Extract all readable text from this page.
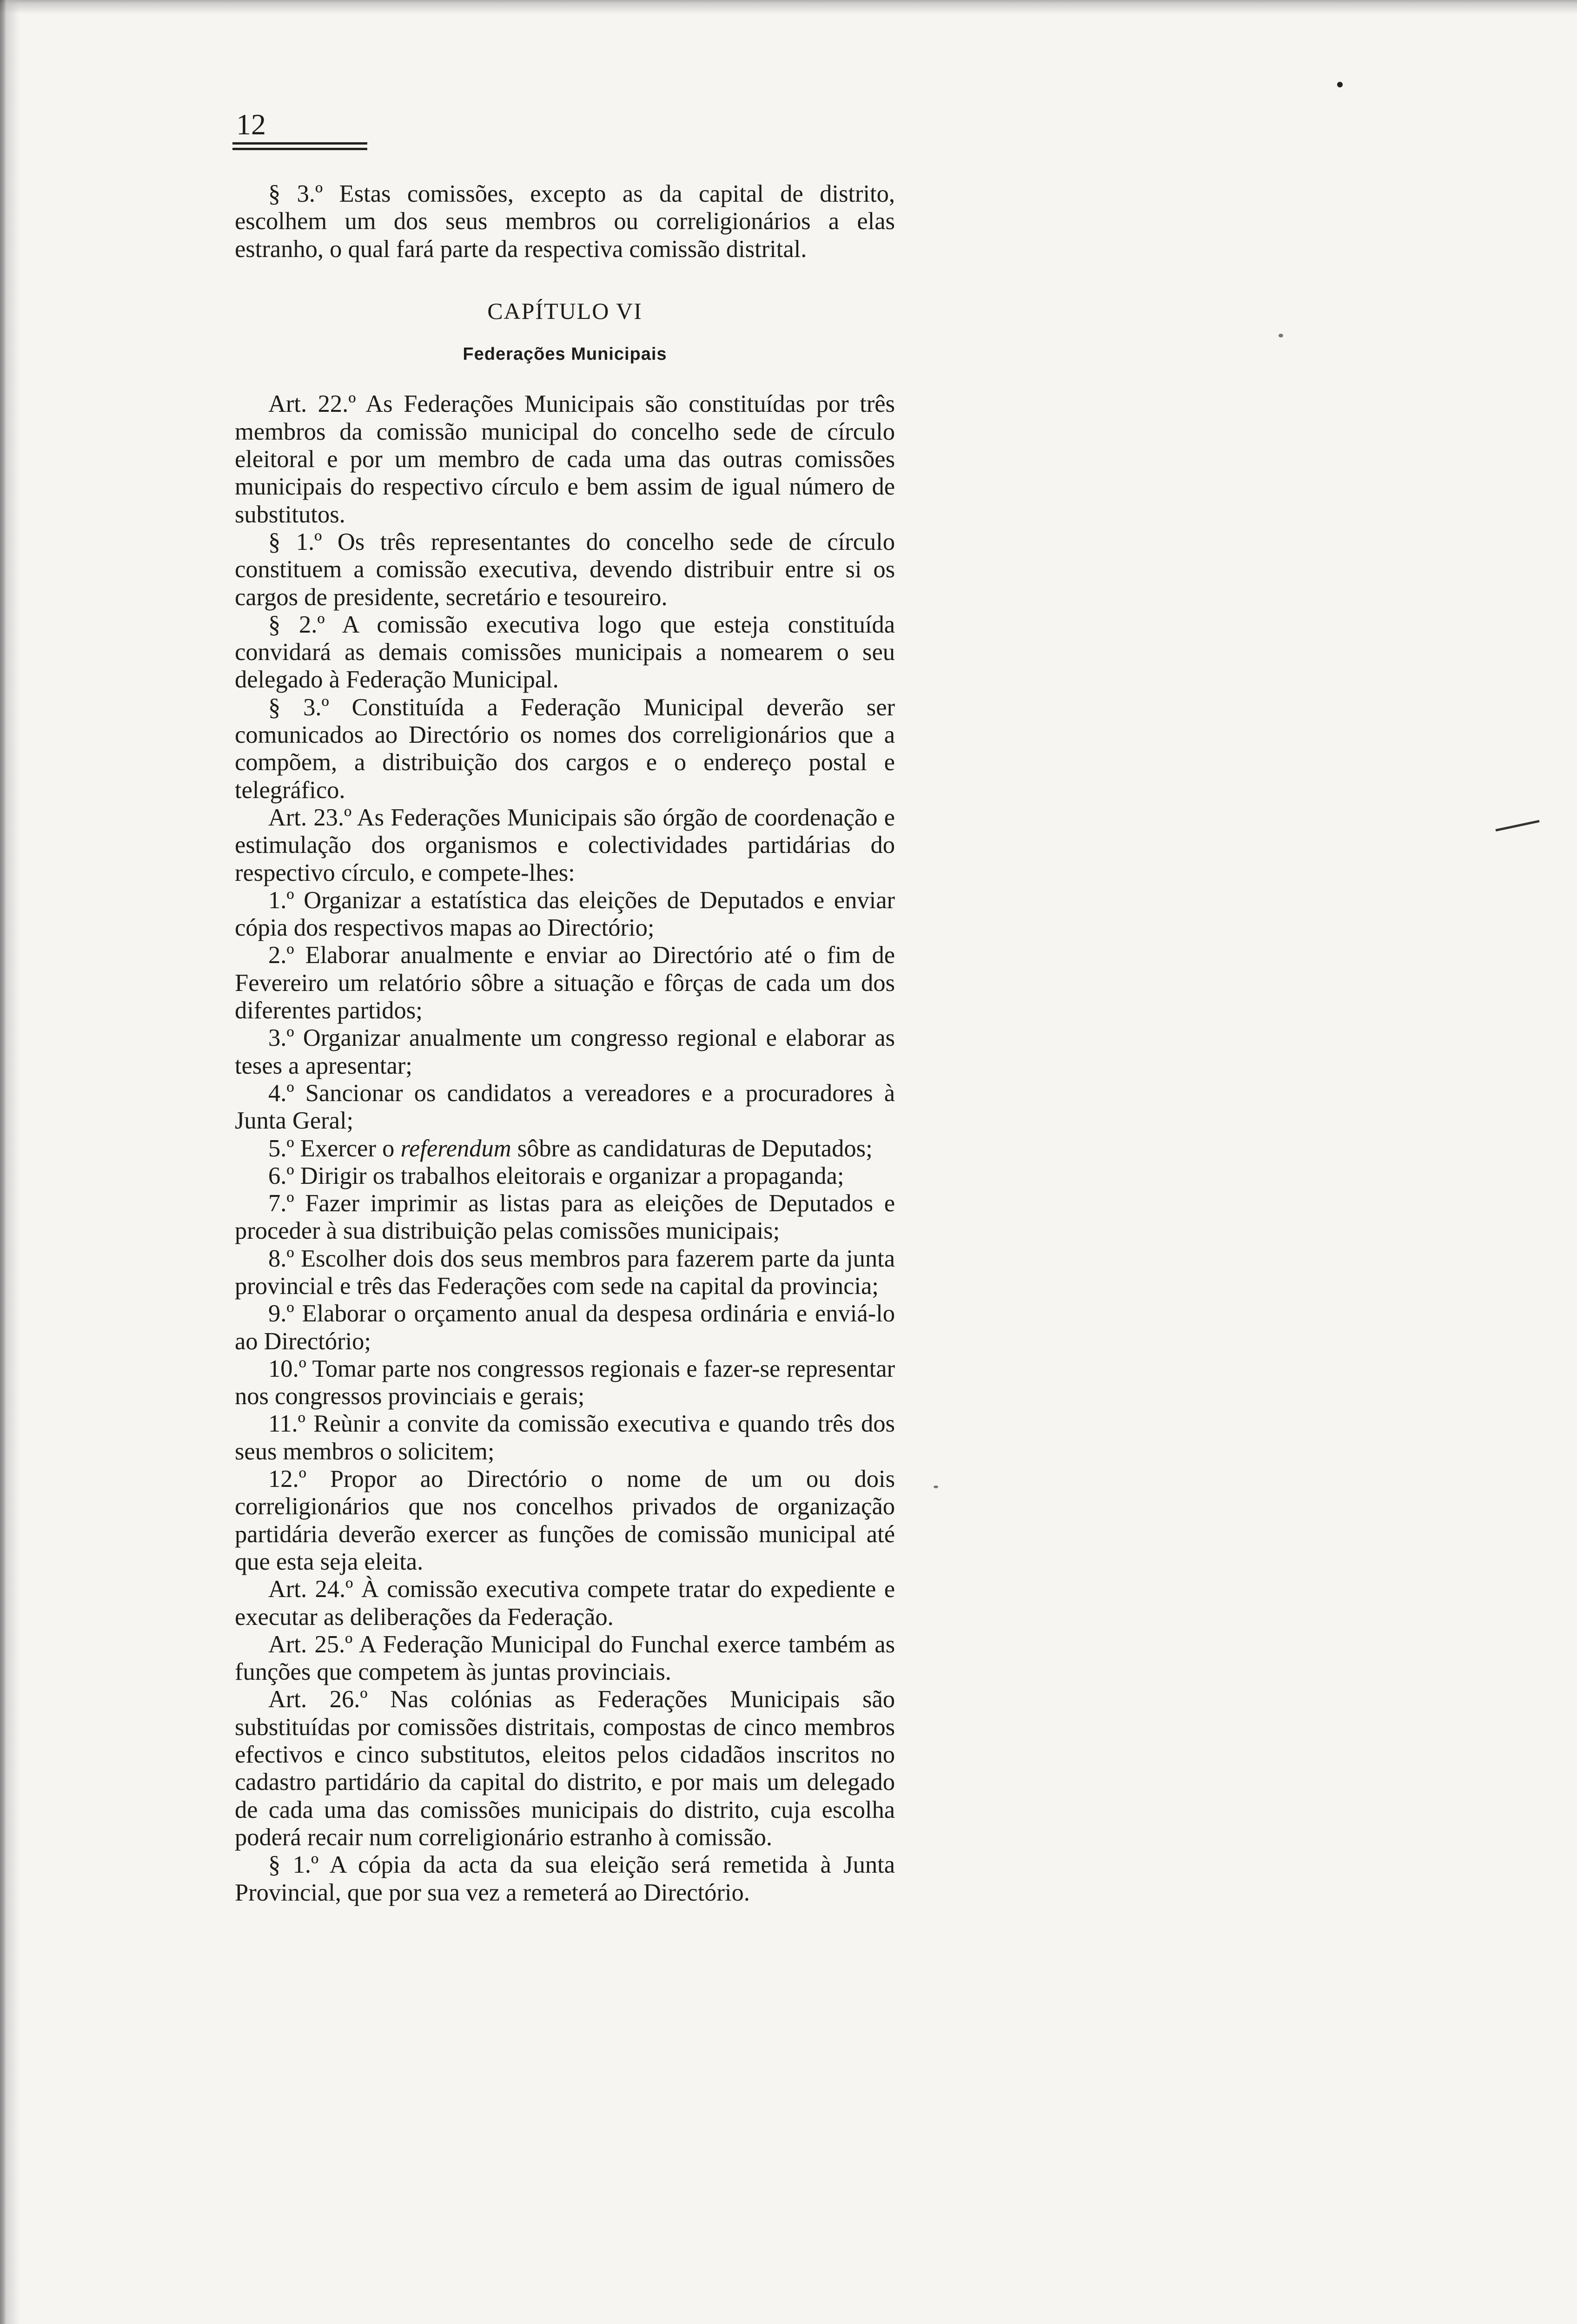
12

§ 3.º Estas comissões, excepto as da capital de distrito, escolhem um dos seus membros ou correligionários a elas estranho, o qual fará parte da respectiva comissão distrital.

CAPÍTULO VI

Federações Municipais

Art. 22.º As Federações Municipais são constituídas por três membros da comissão municipal do concelho sede de círculo eleitoral e por um membro de cada uma das outras comissões municipais do respectivo círculo e bem assim de igual número de substitutos.

§ 1.º Os três representantes do concelho sede de círculo constituem a comissão executiva, devendo distribuir entre si os cargos de presidente, secretário e tesoureiro.

§ 2.º A comissão executiva logo que esteja constituída convidará as demais comissões municipais a nomearem o seu delegado à Federação Municipal.

§ 3.º Constituída a Federação Municipal deverão ser comunicados ao Directório os nomes dos correligionários que a compõem, a distribuição dos cargos e o endereço postal e telegráfico.

Art. 23.º As Federações Municipais são órgão de coordenação e estimulação dos organismos e colectividades partidárias do respectivo círculo, e compete-lhes:

1.º Organizar a estatística das eleições de Deputados e enviar cópia dos respectivos mapas ao Directório;

2.º Elaborar anualmente e enviar ao Directório até o fim de Fevereiro um relatório sôbre a situação e fôrças de cada um dos diferentes partidos;

3.º Organizar anualmente um congresso regional e elaborar as teses a apresentar;

4.º Sancionar os candidatos a vereadores e a procuradores à Junta Geral;

5.º Exercer o referendum sôbre as candidaturas de Deputados;

6.º Dirigir os trabalhos eleitorais e organizar a propaganda;

7.º Fazer imprimir as listas para as eleições de Deputados e proceder à sua distribuição pelas comissões municipais;

8.º Escolher dois dos seus membros para fazerem parte da junta provincial e três das Federações com sede na capital da provincia;

9.º Elaborar o orçamento anual da despesa ordinária e enviá-lo ao Directório;

10.º Tomar parte nos congressos regionais e fazer-se representar nos congressos provinciais e gerais;

11.º Reùnir a convite da comissão executiva e quando três dos seus membros o solicitem;

12.º Propor ao Directório o nome de um ou dois correligionários que nos concelhos privados de organização partidária deverão exercer as funções de comissão municipal até que esta seja eleita.

Art. 24.º À comissão executiva compete tratar do expediente e executar as deliberações da Federação.

Art. 25.º A Federação Municipal do Funchal exerce também as funções que competem às juntas provinciais.

Art. 26.º Nas colónias as Federações Municipais são substituídas por comissões distritais, compostas de cinco membros efectivos e cinco substitutos, eleitos pelos cidadãos inscritos no cadastro partidário da capital do distrito, e por mais um delegado de cada uma das comissões municipais do distrito, cuja escolha poderá recair num correligionário estranho à comissão.

§ 1.º A cópia da acta da sua eleição será remetida à Junta Provincial, que por sua vez a remeterá ao Directório.
